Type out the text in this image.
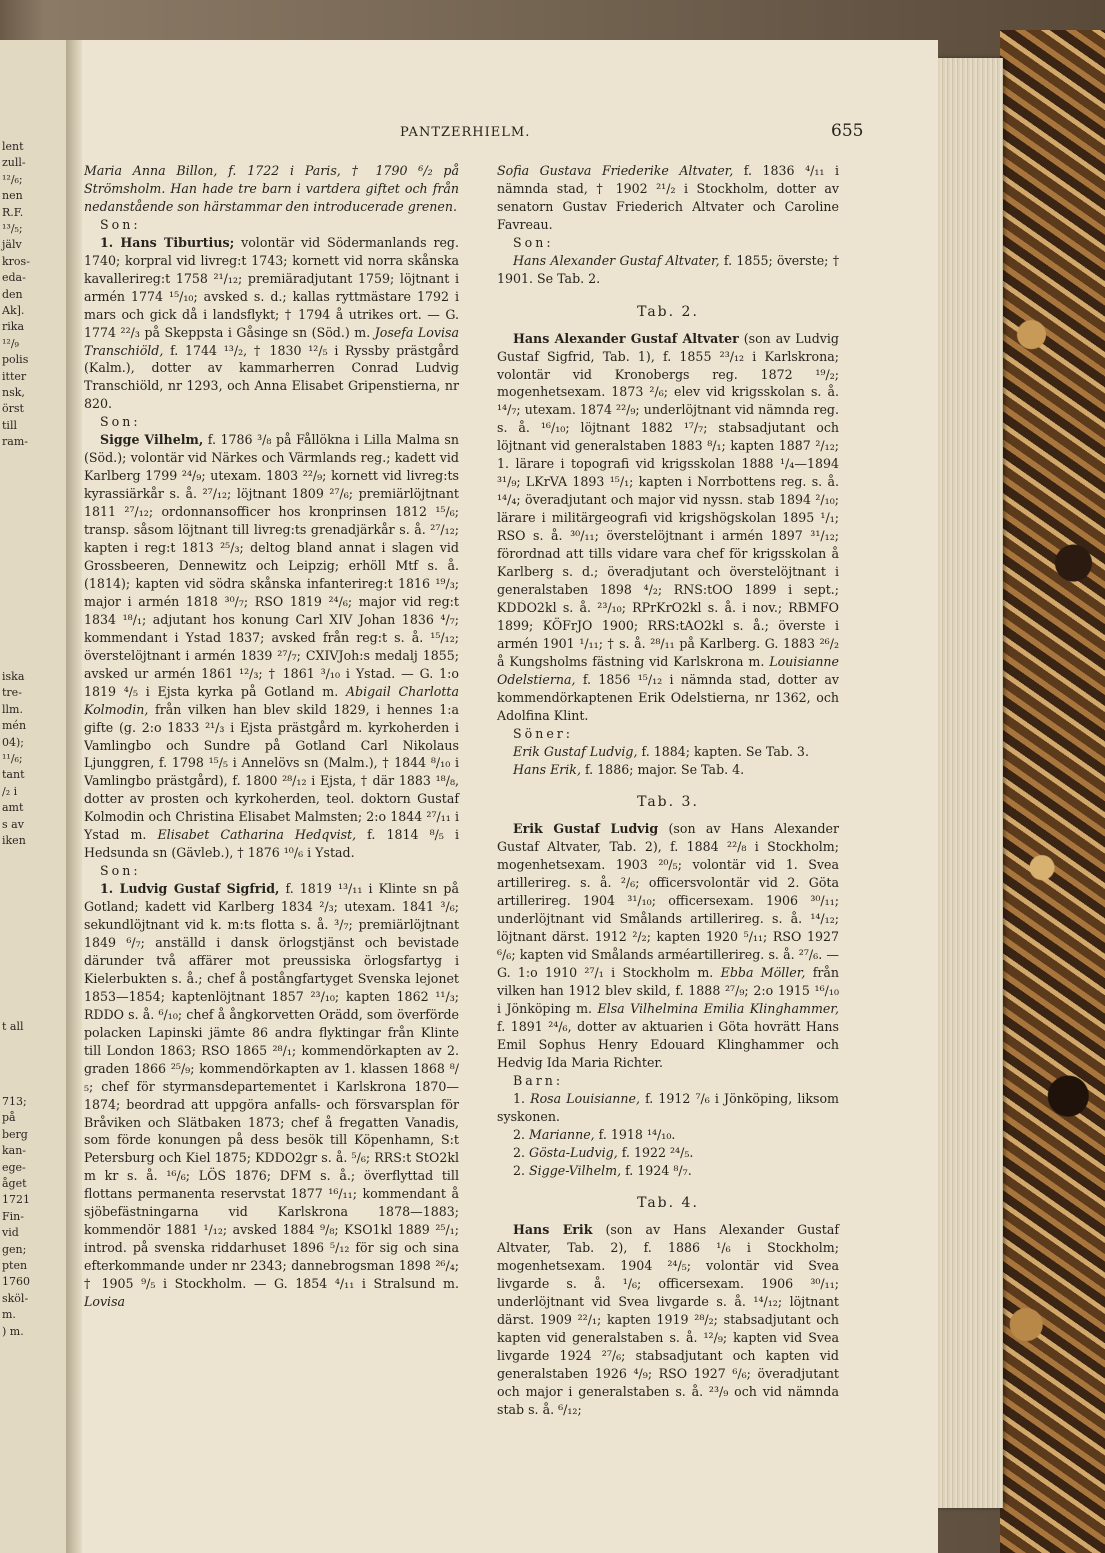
lent
zull-
¹²/₆;
nen
R.F.
¹³/₅;
jälv
kros-
eda-
den
Ak].
rika
¹²/₉
polis
itter
nsk,
örst
till
ram-
iska
tre-
llm.
mén
04);
¹¹/₆;
tant
/₂ i
amt
s av
iken
t all
713;
på
berg
kan-
ege-
åget
1721
Fin-
vid
gen;
pten
1760
sköl-
m.
) m.
PANTZERHIELM.	655

Maria Anna Billon, f. 1722 i Paris, † 1790 ⁶/₂ på Strömsholm. Han hade tre barn i vartdera giftet och från nedanstående son härstammar den introducerade grenen.

Son:

1. Hans Tiburtius; volontär vid Södermanlands reg. 1740; korpral vid livreg:t 1743; kornett vid norra skånska kavallerireg:t 1758 ²¹/₁₂; premiäradjutant 1759; löjtnant i armén 1774 ¹⁵/₁₀; avsked s. d.; kallas ryttmästare 1792 i mars och gick då i landsflykt; † 1794 å utrikes ort. — G. 1774 ²²/₃ på Skeppsta i Gåsinge sn (Söd.) m. Josefa Lovisa Transchiöld, f. 1744 ¹³/₂, † 1830 ¹²/₅ i Ryssby prästgård (Kalm.), dotter av kammarherren Conrad Ludvig Transchiöld, nr 1293, och Anna Elisabet Gripenstierna, nr 820.

Son:

Sigge Vilhelm, f. 1786 ³/₈ på Fållökna i Lilla Malma sn (Söd.); volontär vid Närkes och Värmlands reg.; kadett vid Karlberg 1799 ²⁴/₉; utexam. 1803 ²²/₉; kornett vid livreg:ts kyrassiärkår s. å. ²⁷/₁₂; löjtnant 1809 ²⁷/₆; premiärlöjtnant 1811 ²⁷/₁₂; ordonnansofficer hos kronprinsen 1812 ¹⁵/₆; transp. såsom löjtnant till livreg:ts grenadjärkår s. å. ²⁷/₁₂; kapten i reg:t 1813 ²⁵/₃; deltog bland annat i slagen vid Grossbeeren, Dennewitz och Leipzig; erhöll Mtf s. å. (1814); kapten vid södra skånska infanterireg:t 1816 ¹⁹/₃; major i armén 1818 ³⁰/₇; RSO 1819 ²⁴/₆; major vid reg:t 1834 ¹⁸/₁; adjutant hos konung Carl XIV Johan 1836 ⁴/₇; kommendant i Ystad 1837; avsked från reg:t s. å. ¹⁵/₁₂; överstelöjtnant i armén 1839 ²⁷/₇; CXIVJoh:s medalj 1855; avsked ur armén 1861 ¹²/₃; † 1861 ³/₁₀ i Ystad. — G. 1:o 1819 ⁴/₅ i Ejsta kyrka på Gotland m. Abigail Charlotta Kolmodin, från vilken han blev skild 1829, i hennes 1:a gifte (g. 2:o 1833 ²¹/₃ i Ejsta prästgård m. kyrkoherden i Vamlingbo och Sundre på Gotland Carl Nikolaus Ljunggren, f. 1798 ¹⁵/₅ i Annelövs sn (Malm.), † 1844 ⁸/₁₀ i Vamlingbo prästgård), f. 1800 ²⁸/₁₂ i Ejsta, † där 1883 ¹⁸/₈, dotter av prosten och kyrkoherden, teol. doktorn Gustaf Kolmodin och Christina Elisabet Malmsten; 2:o 1844 ²⁷/₁₁ i Ystad m. Elisabet Catharina Hedqvist, f. 1814 ⁸/₅ i Hedsunda sn (Gävleb.), † 1876 ¹⁰/₆ i Ystad.

Son:

1. Ludvig Gustaf Sigfrid, f. 1819 ¹³/₁₁ i Klinte sn på Gotland; kadett vid Karlberg 1834 ²/₃; utexam. 1841 ³/₆; sekundlöjtnant vid k. m:ts flotta s. å. ³/₇; premiärlöjtnant 1849 ⁶/₇; anställd i dansk örlogstjänst och bevistade därunder två affärer mot preussiska örlogsfartyg i Kielerbukten s. å.; chef å postångfartyget Svenska lejonet 1853—1854; kaptenlöjtnant 1857 ²³/₁₀; kapten 1862 ¹¹/₃; RDDO s. å. ⁶/₁₀; chef å ångkorvetten Orädd, som överförde polacken Lapinski jämte 86 andra flyktingar från Klinte till London 1863; RSO 1865 ²⁸/₁; kommendörkapten av 2. graden 1866 ²⁵/₉; kommendörkapten av 1. klassen 1868 ⁸/₅; chef för styrmansdepartementet i Karlskrona 1870—1874; beordrad att uppgöra anfalls- och försvarsplan för Bråviken och Slätbaken 1873; chef å fregatten Vanadis, som förde konungen på dess besök till Köpenhamn, S:t Petersburg och Kiel 1875; KDDO2gr s. å. ⁵/₆; RRS:t StO2kl m kr s. å. ¹⁶/₆; LÖS 1876; DFM s. å.; överflyttad till flottans permanenta reservstat 1877 ¹⁶/₁₁; kommendant å sjöbefästningarna vid Karlskrona 1878—1883; kommendör 1881 ¹/₁₂; avsked 1884 ⁹/₈; KSO1kl 1889 ²⁵/₁; introd. på svenska riddarhuset 1896 ⁵/₁₂ för sig och sina efterkommande under nr 2343; dannebrogsman 1898 ²⁶/₄; † 1905 ⁹/₅ i Stockholm. — G. 1854 ⁴/₁₁ i Stralsund m. Lovisa

Sofia Gustava Friederike Altvater, f. 1836 ⁴/₁₁ i nämnda stad, † 1902 ²¹/₂ i Stockholm, dotter av senatorn Gustav Friederich Altvater och Caroline Favreau.

Son:

Hans Alexander Gustaf Altvater, f. 1855; överste; † 1901. Se Tab. 2.

Tab. 2.

Hans Alexander Gustaf Altvater (son av Ludvig Gustaf Sigfrid, Tab. 1), f. 1855 ²³/₁₂ i Karlskrona; volontär vid Kronobergs reg. 1872 ¹⁹/₂; mogenhetsexam. 1873 ²/₆; elev vid krigsskolan s. å. ¹⁴/₇; utexam. 1874 ²²/₉; underlöjtnant vid nämnda reg. s. å. ¹⁶/₁₀; löjtnant 1882 ¹⁷/₇; stabsadjutant och löjtnant vid generalstaben 1883 ⁸/₁; kapten 1887 ²/₁₂; 1. lärare i topografi vid krigsskolan 1888 ¹/₄—1894 ³¹/₉; LKrVA 1893 ¹⁵/₁; kapten i Norrbottens reg. s. å. ¹⁴/₄; överadjutant och major vid nyssn. stab 1894 ²/₁₀; lärare i militärgeografi vid krigshögskolan 1895 ¹/₁; RSO s. å. ³⁰/₁₁; överstelöjtnant i armén 1897 ³¹/₁₂; förordnad att tills vidare vara chef för krigsskolan å Karlberg s. d.; överadjutant och överstelöjtnant i generalstaben 1898 ⁴/₂; RNS:tOO 1899 i sept.; KDDO2kl s. å. ²³/₁₀; RPrKrO2kl s. å. i nov.; RBMFO 1899; KÖFrJO 1900; RRS:tAO2kl s. å.; överste i armén 1901 ¹/₁₁; † s. å. ²⁸/₁₁ på Karlberg. G. 1883 ²⁶/₂ å Kungsholms fästning vid Karlskrona m. Louisianne Odelstierna, f. 1856 ¹⁵/₁₂ i nämnda stad, dotter av kommendörkaptenen Erik Odelstierna, nr 1362, och Adolfina Klint.

Söner:

Erik Gustaf Ludvig, f. 1884; kapten. Se Tab. 3.

Hans Erik, f. 1886; major. Se Tab. 4.

Tab. 3.

Erik Gustaf Ludvig (son av Hans Alexander Gustaf Altvater, Tab. 2), f. 1884 ²²/₈ i Stockholm; mogenhetsexam. 1903 ²⁰/₅; volontär vid 1. Svea artillerireg. s. å. ²/₆; officersvolontär vid 2. Göta artillerireg. 1904 ³¹/₁₀; officersexam. 1906 ³⁰/₁₁; underlöjtnant vid Smålands artillerireg. s. å. ¹⁴/₁₂; löjtnant därst. 1912 ²/₂; kapten 1920 ⁵/₁₁; RSO 1927 ⁶/₆; kapten vid Smålands arméartillerireg. s. å. ²⁷/₆. — G. 1:o 1910 ²⁷/₁ i Stockholm m. Ebba Möller, från vilken han 1912 blev skild, f. 1888 ²⁷/₉; 2:o 1915 ¹⁶/₁₀ i Jönköping m. Elsa Vilhelmina Emilia Klinghammer, f. 1891 ²⁴/₆, dotter av aktuarien i Göta hovrätt Hans Emil Sophus Henry Edouard Klinghammer och Hedvig Ida Maria Richter.

Barn:

1. Rosa Louisianne, f. 1912 ⁷/₆ i Jönköping, liksom syskonen.

2. Marianne, f. 1918 ¹⁴/₁₀.

2. Gösta-Ludvig, f. 1922 ²⁴/₅.

2. Sigge-Vilhelm, f. 1924 ⁸/₇.

Tab. 4.

Hans Erik (son av Hans Alexander Gustaf Altvater, Tab. 2), f. 1886 ¹/₆ i Stockholm; mogenhetsexam. 1904 ²⁴/₅; volontär vid Svea livgarde s. å. ¹/₆; officersexam. 1906 ³⁰/₁₁; underlöjtnant vid Svea livgarde s. å. ¹⁴/₁₂; löjtnant därst. 1909 ²²/₁; kapten 1919 ²⁸/₂; stabsadjutant och kapten vid generalstaben s. å. ¹²/₉; kapten vid Svea livgarde 1924 ²⁷/₆; stabsadjutant och kapten vid generalstaben 1926 ⁴/₉; RSO 1927 ⁶/₆; överadjutant och major i generalstaben s. å. ²³/₉ och vid nämnda stab s. å. ⁶/₁₂;
